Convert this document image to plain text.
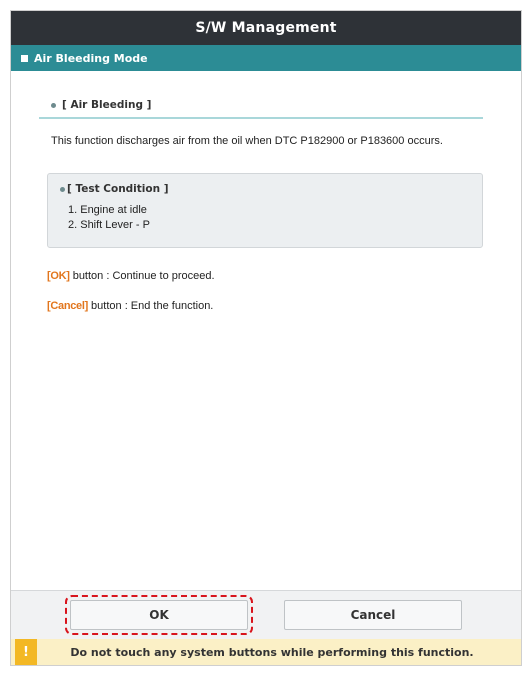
S/W Management
Air Bleeding Mode
[ Air Bleeding ]
This function discharges air from the oil when DTC P182900 or P183600 occurs.
[ Test Condition ]
1. Engine at idle
2. Shift Lever - P
[OK] button : Continue to proceed.
[Cancel] button : End the function.
OK	Cancel
!	Do not touch any system buttons while performing this function.
